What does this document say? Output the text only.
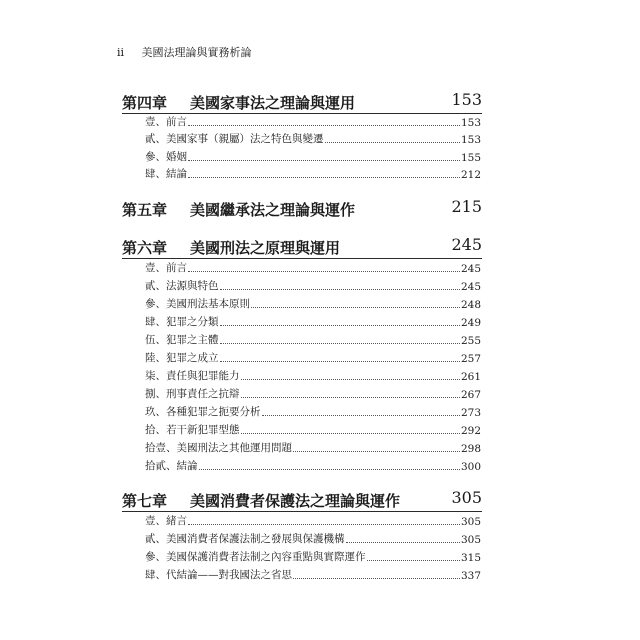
ii 美國法理論與實務析論
第四章 美國家事法之理論與運用	153
壹、前言	153
貳、美國家事（親屬）法之特色與變遷	153
參、婚姻	155
肆、結論	212
第五章 美國繼承法之理論與運作	215
第六章 美國刑法之原理與運用	245
壹、前言	245
貳、法源與特色	245
參、美國刑法基本原則	248
肆、犯罪之分類	249
伍、犯罪之主體	255
陸、犯罪之成立	257
柒、責任與犯罪能力	261
捌、刑事責任之抗辯	267
玖、各種犯罪之扼要分析	273
拾、若干新犯罪型態	292
拾壹、美國刑法之其他運用問題	298
拾貳、結論	300
第七章 美國消費者保護法之理論與運作	305
壹、緒言	305
貳、美國消費者保護法制之發展與保護機構	305
參、美國保護消費者法制之內容重點與實際運作	315
肆、代結論——對我國法之省思	337
